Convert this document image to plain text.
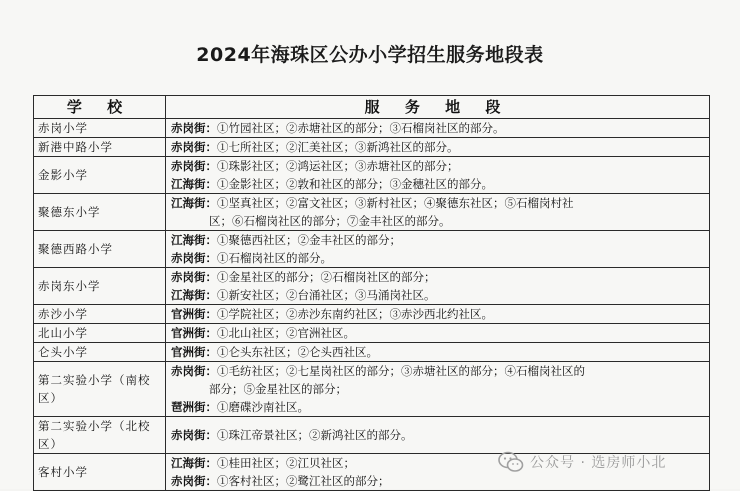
2024年海珠区公办小学招生服务地段表
学 校	服 务 地 段
赤岗小学	赤岗街：①竹园社区；②赤塘社区的部分；③石榴岗社区的部分。

新港中路小学	赤岗街：①七所社区；②汇美社区；③新鸿社区的部分。

金影小学	赤岗街：①珠影社区；②鸿运社区；③赤塘社区的部分；
江海街：①金影社区；②敦和社区的部分；③金穗社区的部分。

聚德东小学	江海街：①坚真社区；②富文社区；③新村社区；④聚德东社区；⑤石榴岗村社
区；⑥石榴岗社区的部分；⑦金丰社区的部分。

聚德西路小学	江海街：①聚德西社区；②金丰社区的部分；
赤岗街：①石榴岗社区的部分。

赤岗东小学	赤岗街：①金星社区的部分；②石榴岗社区的部分；
江海街：①新安社区；②台涌社区；③马涌岗社区。

赤沙小学	官洲街：①学院社区；②赤沙东南约社区；③赤沙西北约社区。

北山小学	官洲街：①北山社区；②官洲社区。

仑头小学	官洲街：①仑头东社区；②仑头西社区。

第二实验小学（南校区）	赤岗街：①毛纺社区；②七星岗社区的部分；③赤塘社区的部分；④石榴岗社区的
部分；⑤金星社区的部分；
琶洲街：①磨碟沙南社区。

第二实验小学（北校区）	赤岗街：①珠江帝景社区；②新鸿社区的部分。

客村小学	江海街：①桂田社区；②江贝社区；
赤岗街：①客村社区；②鹭江社区的部分；
公众号 · 选房师小北
